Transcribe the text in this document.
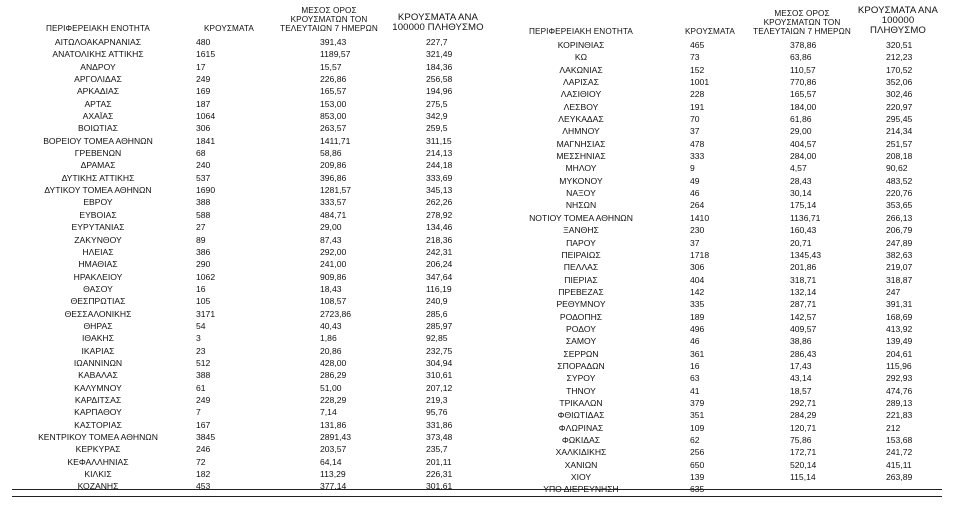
ΠΕΡΙΦΕΡΕΙΑΚΗ ΕΝΟΤΗΤΑ	ΚΡΟΥΣΜΑΤΑ	ΜΕΣΟΣ ΟΡΟΣ ΚΡΟΥΣΜΑΤΩΝ ΤΟΝ ΤΕΛΕΥΤΑΙΩΝ 7 ΗΜΕΡΩΝ	ΚΡΟΥΣΜΑΤΑ ΑΝΑ 100000 ΠΛΗΘΥΣΜΟ
ΑΙΤΩΛΟΑΚΑΡΝΑΝΙΑΣ	480	391,43	227,7
ΑΝΑΤΟΛΙΚΗΣ ΑΤΤΙΚΗΣ	1615	1189,57	321,49
ΑΝΔΡΟΥ	17	15,57	184,36
ΑΡΓΟΛΙΔΑΣ	249	226,86	256,58
ΑΡΚΑΔΙΑΣ	169	165,57	194,96
ΑΡΤΑΣ	187	153,00	275,5
ΑΧΑΪΑΣ	1064	853,00	342,9
ΒΟΙΩΤΙΑΣ	306	263,57	259,5
ΒΟΡΕΙΟΥ ΤΟΜΕΑ ΑΘΗΝΩΝ	1841	1411,71	311,15
ΓΡΕΒΕΝΩΝ	68	58,86	214,13
ΔΡΑΜΑΣ	240	209,86	244,18
ΔΥΤΙΚΗΣ ΑΤΤΙΚΗΣ	537	396,86	333,69
ΔΥΤΙΚΟΥ ΤΟΜΕΑ ΑΘΗΝΩΝ	1690	1281,57	345,13
ΕΒΡΟΥ	388	333,57	262,26
ΕΥΒΟΙΑΣ	588	484,71	278,92
ΕΥΡΥΤΑΝΙΑΣ	27	29,00	134,46
ΖΑΚΥΝΘΟΥ	89	87,43	218,36
ΗΛΕΙΑΣ	386	292,00	242,31
ΗΜΑΘΙΑΣ	290	241,00	206,24
ΗΡΑΚΛΕΙΟΥ	1062	909,86	347,64
ΘΑΣΟΥ	16	18,43	116,19
ΘΕΣΠΡΩΤΙΑΣ	105	108,57	240,9
ΘΕΣΣΑΛΟΝΙΚΗΣ	3171	2723,86	285,6
ΘΗΡΑΣ	54	40,43	285,97
ΙΘΑΚΗΣ	3	1,86	92,85
ΙΚΑΡΙΑΣ	23	20,86	232,75
ΙΩΑΝΝΙΝΩΝ	512	428,00	304,94
ΚΑΒΑΛΑΣ	388	286,29	310,61
ΚΑΛΥΜΝΟΥ	61	51,00	207,12
ΚΑΡΔΙΤΣΑΣ	249	228,29	219,3
ΚΑΡΠΑΘΟΥ	7	7,14	95,76
ΚΑΣΤΟΡΙΑΣ	167	131,86	331,86
ΚΕΝΤΡΙΚΟΥ ΤΟΜΕΑ ΑΘΗΝΩΝ	3845	2891,43	373,48
ΚΕΡΚΥΡΑΣ	246	203,57	235,7
ΚΕΦΑΛΛΗΝΙΑΣ	72	64,14	201,11
ΚΙΛΚΙΣ	182	113,29	226,31
ΚΟΖΑΝΗΣ	453	377,14	301,61
ΠΕΡΙΦΕΡΕΙΑΚΗ ΕΝΟΤΗΤΑ	ΚΡΟΥΣΜΑΤΑ	ΜΕΣΟΣ ΟΡΟΣ ΚΡΟΥΣΜΑΤΩΝ ΤΟΝ ΤΕΛΕΥΤΑΙΩΝ 7 ΗΜΕΡΩΝ	ΚΡΟΥΣΜΑΤΑ ΑΝΑ 100000 ΠΛΗΘΥΣΜΟ
ΚΟΡΙΝΘΙΑΣ	465	378,86	320,51
ΚΩ	73	63,86	212,23
ΛΑΚΩΝΙΑΣ	152	110,57	170,52
ΛΑΡΙΣΑΣ	1001	770,86	352,06
ΛΑΣΙΘΙΟΥ	228	165,57	302,46
ΛΕΣΒΟΥ	191	184,00	220,97
ΛΕΥΚΑΔΑΣ	70	61,86	295,45
ΛΗΜΝΟΥ	37	29,00	214,34
ΜΑΓΝΗΣΙΑΣ	478	404,57	251,57
ΜΕΣΣΗΝΙΑΣ	333	284,00	208,18
ΜΗΛΟΥ	9	4,57	90,62
ΜΥΚΟΝΟΥ	49	28,43	483,52
ΝΑΞΟΥ	46	30,14	220,76
ΝΗΣΩΝ	264	175,14	353,65
ΝΟΤΙΟΥ ΤΟΜΕΑ ΑΘΗΝΩΝ	1410	1136,71	266,13
ΞΑΝΘΗΣ	230	160,43	206,79
ΠΑΡΟΥ	37	20,71	247,89
ΠΕΙΡΑΙΩΣ	1718	1345,43	382,63
ΠΕΛΛΑΣ	306	201,86	219,07
ΠΙΕΡΙΑΣ	404	318,71	318,87
ΠΡΕΒΕΖΑΣ	142	132,14	247
ΡΕΘΥΜΝΟΥ	335	287,71	391,31
ΡΟΔΟΠΗΣ	189	142,57	168,69
ΡΟΔΟΥ	496	409,57	413,92
ΣΑΜΟΥ	46	38,86	139,49
ΣΕΡΡΩΝ	361	286,43	204,61
ΣΠΟΡΑΔΩΝ	16	17,43	115,96
ΣΥΡΟΥ	63	43,14	292,93
ΤΗΝΟΥ	41	18,57	474,76
ΤΡΙΚΑΛΩΝ	379	292,71	289,13
ΦΘΙΩΤΙΔΑΣ	351	284,29	221,83
ΦΛΩΡΙΝΑΣ	109	120,71	212
ΦΩΚΙΔΑΣ	62	75,86	153,68
ΧΑΛΚΙΔΙΚΗΣ	256	172,71	241,72
ΧΑΝΙΩΝ	650	520,14	415,11
ΧΙΟΥ	139	115,14	263,89
ΥΠΟ ΔΙΕΡΕΥΝΗΣΗ	635		
